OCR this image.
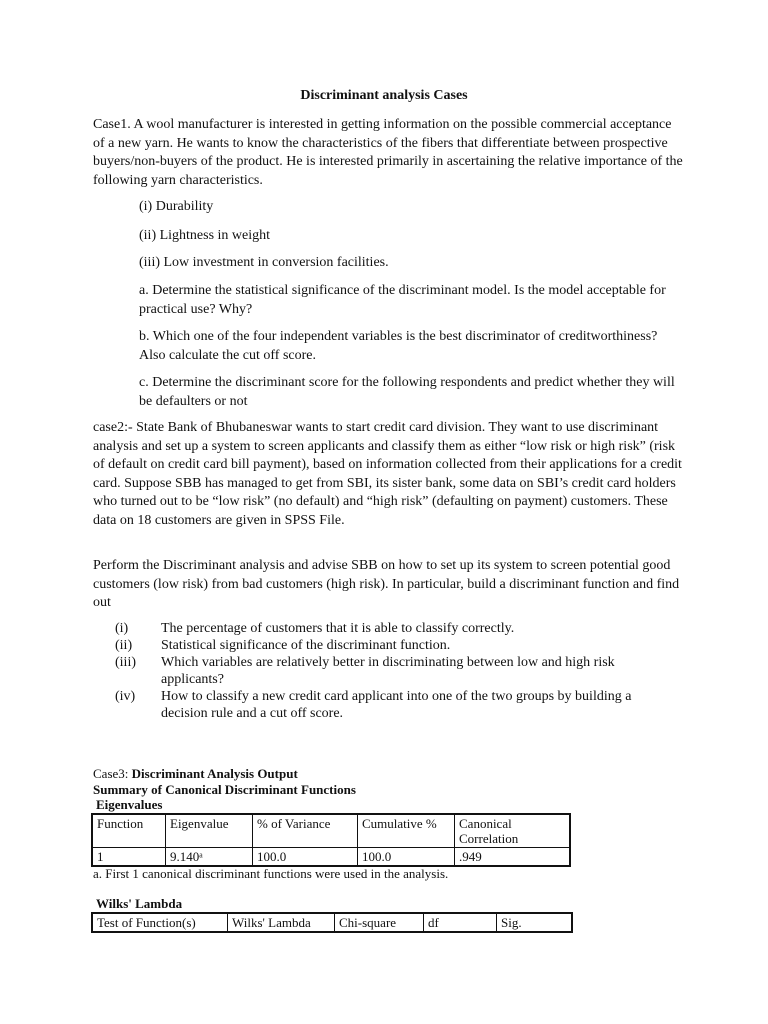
Discriminant analysis Cases

Case1. A wool manufacturer is interested in getting information on the possible commercial acceptance of a new yarn. He wants to know the characteristics of the fibers that differentiate between prospective buyers/non-buyers of the product. He is interested primarily in ascertaining the relative importance of the following yarn characteristics.

(i) Durability

(ii) Lightness in weight

(iii) Low investment in conversion facilities.

a. Determine the statistical significance of the discriminant model. Is the model acceptable for practical use? Why?

b. Which one of the four independent variables is the best discriminator of creditworthiness? Also calculate the cut off score.

c. Determine the discriminant score for the following respondents and predict whether they will be defaulters or not

case2:- State Bank of Bhubaneswar wants to start credit card division. They want to use discriminant analysis and set up a system to screen applicants and classify them as either “low risk or high risk” (risk of default on credit card bill payment), based on information collected from their applications for a credit card. Suppose SBB has managed to get from SBI, its sister bank, some data on SBI’s credit card holders who turned out to be “low risk” (no default) and “high risk” (defaulting on payment) customers. These data on 18 customers are given in SPSS File.

Perform the Discriminant analysis and advise SBB on how to set up its system to screen potential good customers (low risk) from bad customers (high risk). In particular, build a discriminant function and find out

(i)	The percentage of customers that it is able to classify correctly.
(ii)	Statistical significance of the discriminant function.
(iii)	Which variables are relatively better in discriminating between low and high risk applicants?
(iv)	How to classify a new credit card applicant into one of the two groups by building a decision rule and a cut off score.

Case3: Discriminant Analysis Output

Summary of Canonical Discriminant Functions

Eigenvalues

Function	Eigenvalue	% of Variance	Cumulative %	Canonical Correlation
1	9.140ᵃ	100.0	100.0	.949

a. First 1 canonical discriminant functions were used in the analysis.

Wilks' Lambda

Test of Function(s)	Wilks' Lambda	Chi-square	df	Sig.
